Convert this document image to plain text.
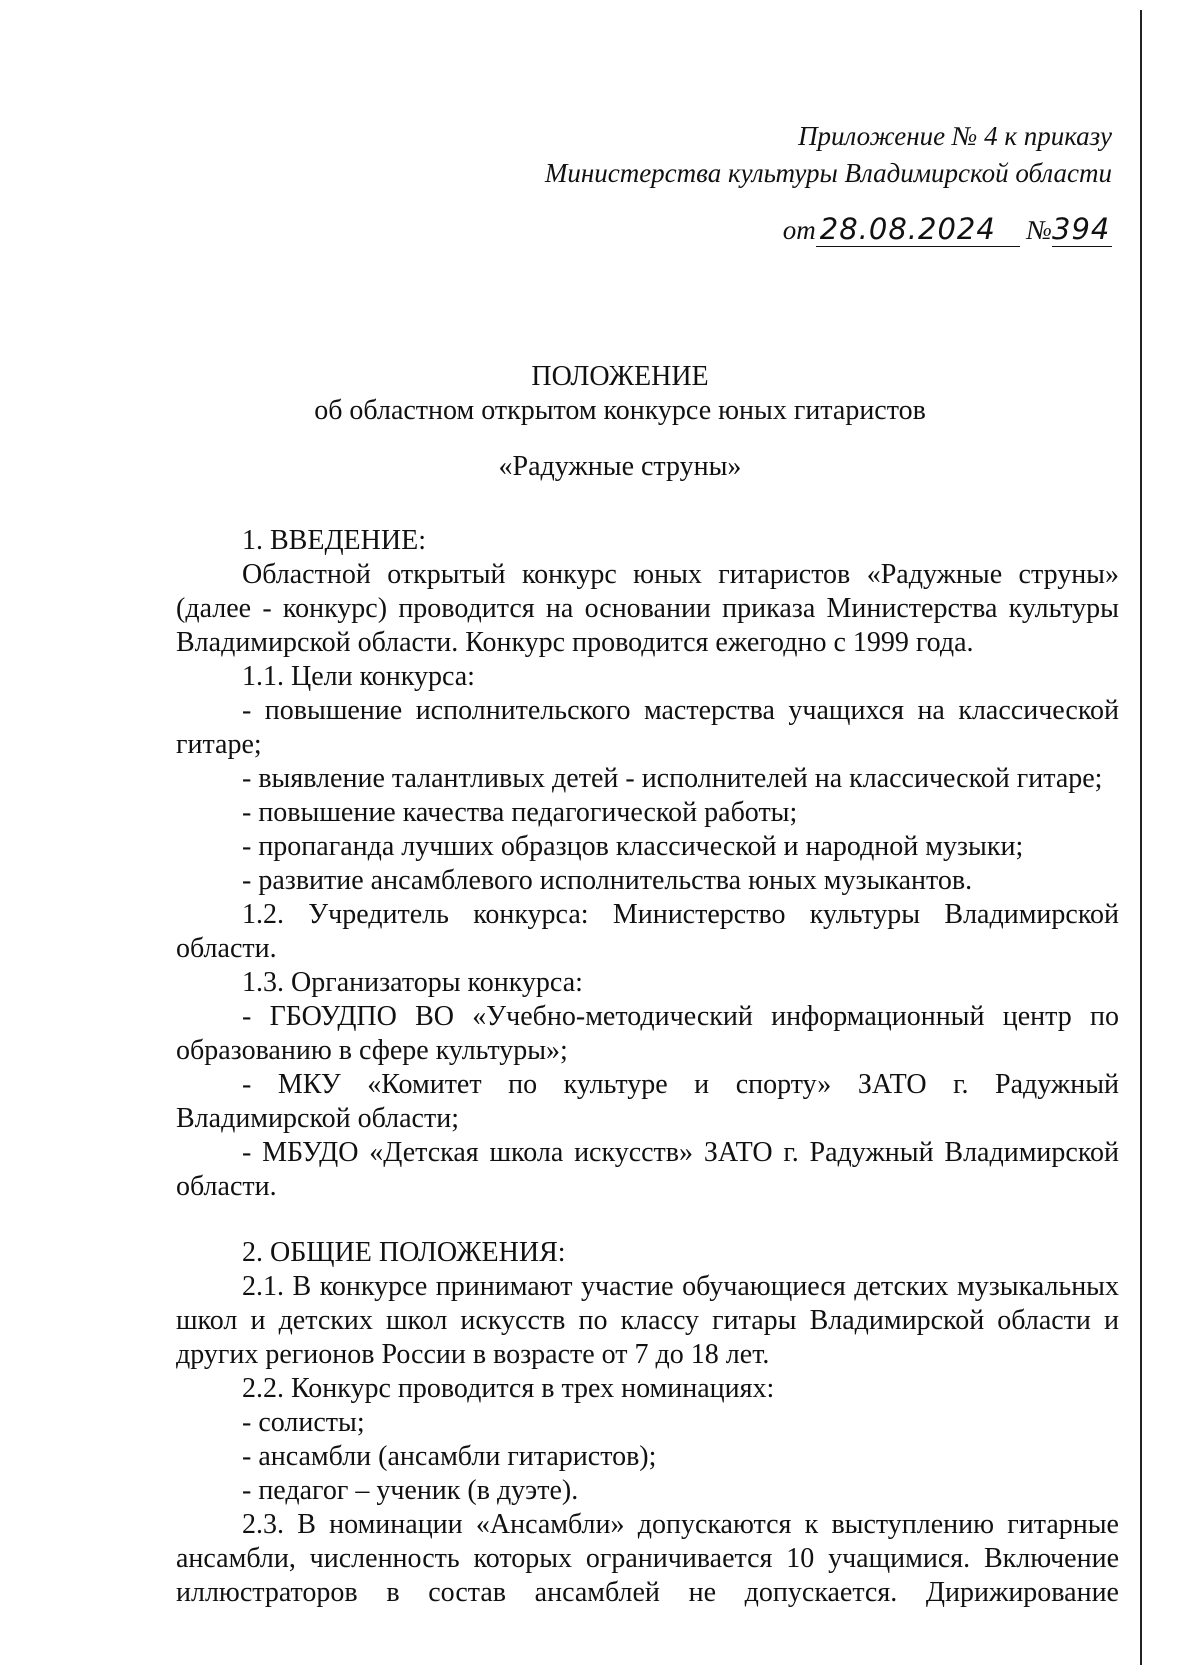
Приложение № 4 к приказу
Министерства культуры Владимирской области
от 28.08.2024 №394
ПОЛОЖЕНИЕ
об областном открытом конкурсе юных гитаристов
«Радужные струны»

1. ВВЕДЕНИЕ:

Областной открытый конкурс юных гитаристов «Радужные струны» (далее - конкурс) проводится на основании приказа Министерства культуры Владимирской области. Конкурс проводится ежегодно с 1999 года.

1.1. Цели конкурса:

- повышение исполнительского мастерства учащихся на классической гитаре;

- выявление талантливых детей - исполнителей на классической гитаре;

- повышение качества педагогической работы;

- пропаганда лучших образцов классической и народной музыки;

- развитие ансамблевого исполнительства юных музыкантов.

1.2. Учредитель конкурса: Министерство культуры Владимирской области.

1.3. Организаторы конкурса:

- ГБОУДПО ВО «Учебно-методический информационный центр по образованию в сфере культуры»;

- МКУ «Комитет по культуре и спорту» ЗАТО г. Радужный Владимирской области;

- МБУДО «Детская школа искусств» ЗАТО г. Радужный Владимирской области.

2. ОБЩИЕ ПОЛОЖЕНИЯ:

2.1. В конкурсе принимают участие обучающиеся детских музыкальных школ и детских школ искусств по классу гитары Владимирской области и других регионов России в возрасте от 7 до 18 лет.

2.2. Конкурс проводится в трех номинациях:

- солисты;

- ансамбли (ансамбли гитаристов);

- педагог – ученик (в дуэте).

2.3. В номинации «Ансамбли» допускаются к выступлению гитарные ансамбли, численность которых ограничивается 10 учащимися. Включение иллюстраторов в состав ансамблей не допускается. Дирижирование
